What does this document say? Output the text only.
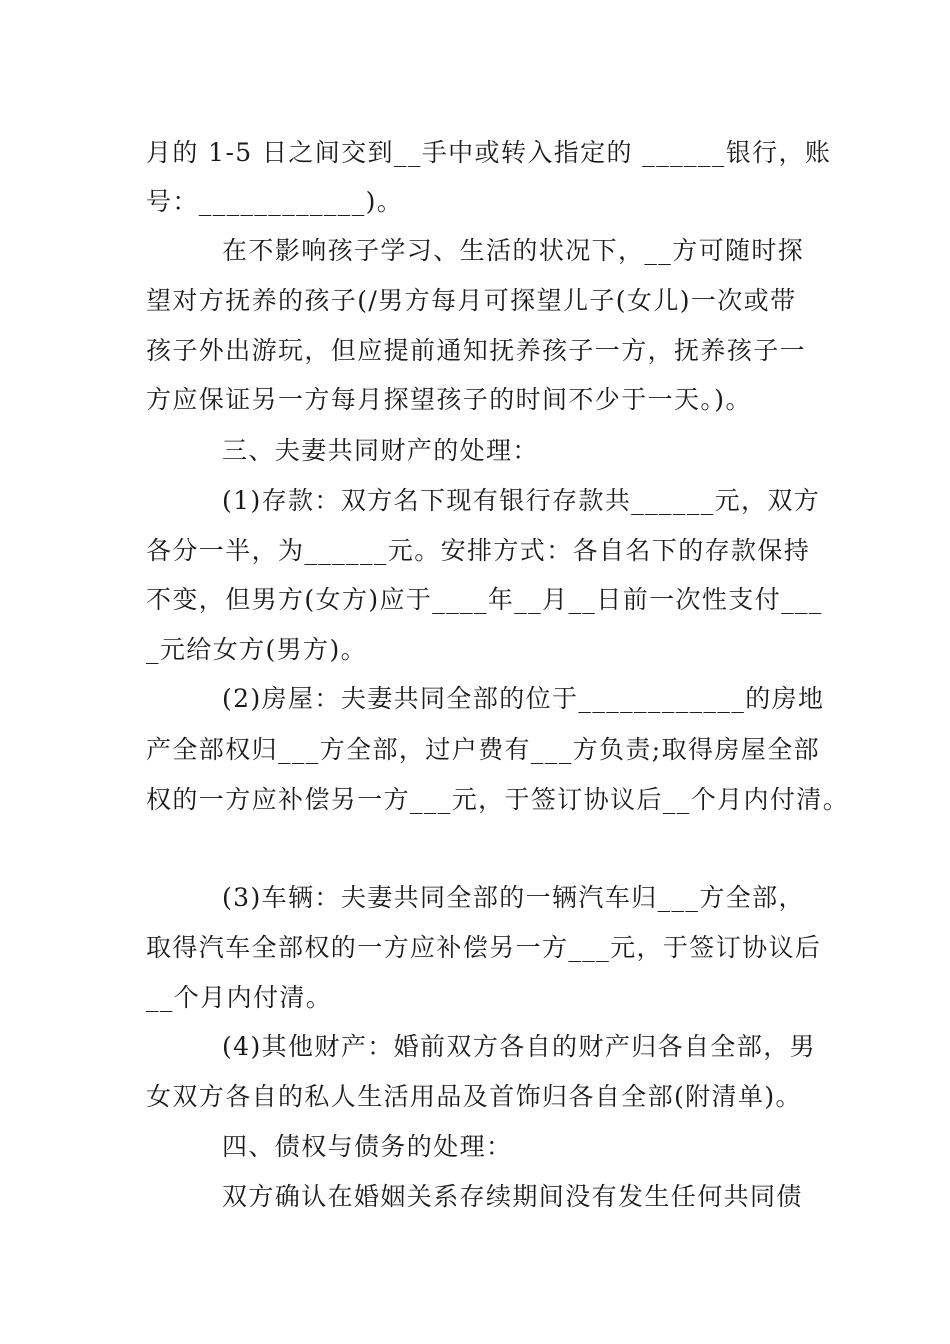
月的 1-5 日之间交到__手中或转入指定的 ______银行，账
号：____________)。
在不影响孩子学习、生活的状况下，__方可随时探
望对方抚养的孩子(/男方每月可探望儿子(女儿)一次或带
孩子外出游玩，但应提前通知抚养孩子一方，抚养孩子一
方应保证另一方每月探望孩子的时间不少于一天。)。
三、夫妻共同财产的处理：
(1)存款：双方名下现有银行存款共______元，双方
各分一半，为______元。安排方式：各自名下的存款保持
不变，但男方(女方)应于____年__月__日前一次性支付___
_元给女方(男方)。
(2)房屋：夫妻共同全部的位于____________的房地
产全部权归___方全部，过户费有___方负责;取得房屋全部
权的一方应补偿另一方___元，于签订协议后__个月内付清。
(3)车辆：夫妻共同全部的一辆汽车归___方全部，
取得汽车全部权的一方应补偿另一方___元，于签订协议后
__个月内付清。
(4)其他财产：婚前双方各自的财产归各自全部，男
女双方各自的私人生活用品及首饰归各自全部(附清单)。
四、债权与债务的处理：
双方确认在婚姻关系存续期间没有发生任何共同债
